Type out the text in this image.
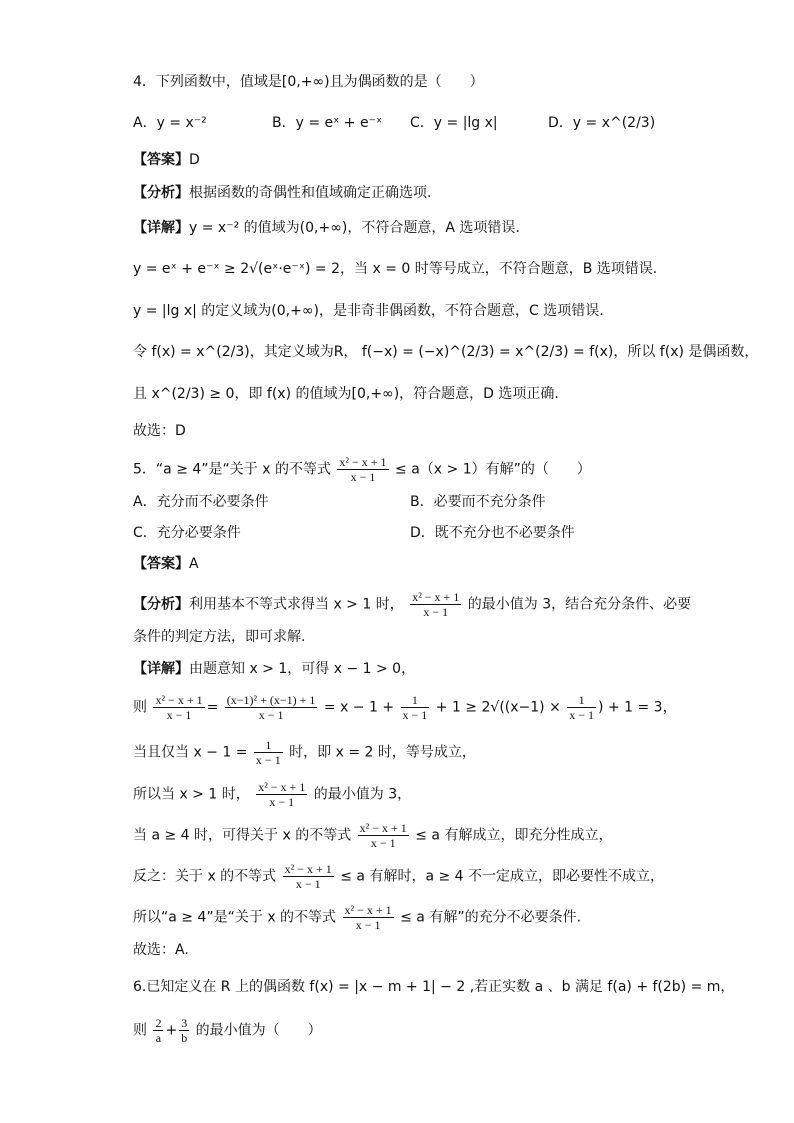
4．下列函数中，值域是[0,+∞)且为偶函数的是（　　）
A．y = x⁻²	B．y = eˣ + e⁻ˣ C．y = |lg x|	D．y = x^(2/3)
【答案】D
【分析】根据函数的奇偶性和值域确定正确选项.
【详解】y = x⁻² 的值域为(0,+∞)，不符合题意，A 选项错误.
y = eˣ + e⁻ˣ ≥ 2√(eˣ·e⁻ˣ) = 2，当 x = 0 时等号成立，不符合题意，B 选项错误.
y = |lg x| 的定义域为(0,+∞)，是非奇非偶函数，不符合题意，C 选项错误.
令 f(x) = x^(2/3)，其定义域为R， f(−x) = (−x)^(2/3) = x^(2/3) = f(x)，所以 f(x) 是偶函数，
且 x^(2/3) ≥ 0，即 f(x) 的值域为[0,+∞)，符合题意，D 选项正确.
故选：D
5．“a ≥ 4”是“关于 x 的不等式 $\frac{\text{x² − x + 1}}{x - 1} \le a(x > 1)$有解”的（　　）
A．充分而不必要条件	B．必要而不充分条件
C．充分必要条件	D．既不充分也不必要条件
【答案】A
【分析】利用基本不等式求得当 x > 1 时， $\frac{\text{x² − x + 1}}{x - 1}$ 的最小值为 3，结合充分条件、必要
条件的判定方法，即可求解.
【详解】由题意知 x > 1，可得 x − 1 > 0，
则 $\frac{\text{x² − x + 1}}{x - 1} = \frac{\text{(x−1)² + (x−1) + 1}}{x - 1} = x - 1 + \frac{1}{x - 1} + 1 \ge 2√((x-1) \times \frac{1}{x - 1}$ ) + 1 = 3，
当且仅当 $x - 1 = \frac{1}{x - 1}$ 时，即 x = 2 时，等号成立，
所以当 x > 1 时， $\frac{\text{x² − x + 1}}{x - 1}$ 的最小值为 3，
当 a ≥ 4 时，可得关于 x 的不等式 $\frac{\text{x² − x + 1}}{x - 1} \le a$ 有解成立，即充分性成立，
反之：关于 x 的不等式 $\frac{\text{x² − x + 1}}{x - 1} \le a$ 有解时，a ≥ 4 不一定成立，即必要性不成立，
所以“a ≥ 4”是“关于 x 的不等式 $\frac{\text{x² − x + 1}}{x - 1} \le a$ 有解”的充分不必要条件.
故选：A.
6.已知定义在 R 上的偶函数 f(x) = |x − m + 1| − 2 ,若正实数 a 、b 满足 f(a) + f(2b) = m，
则 $\frac{2}{a} + \frac{3}{b}$ 的最小值为（　　）
